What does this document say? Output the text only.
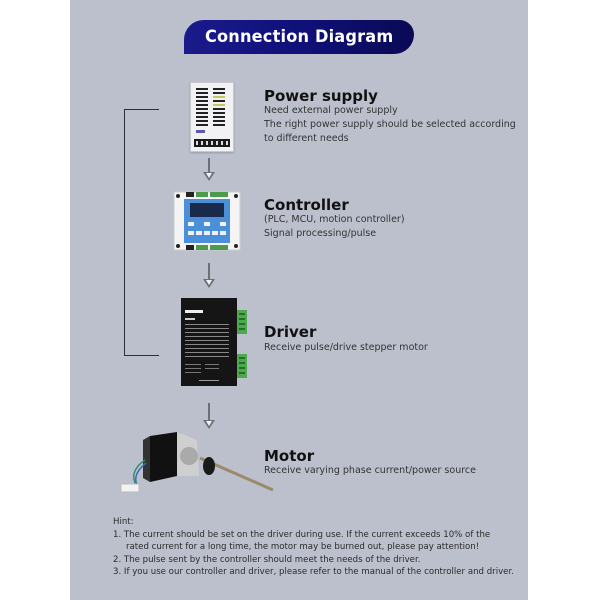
Connection Diagram
Power supply
Need external power supply
The right power supply should be selected according
to different needs
Controller
(PLC, MCU, motion controller)
Signal processing/pulse
Driver
Receive pulse/drive stepper motor
Motor
Receive varying phase current/power source
Hint:
1. The current should be set on the driver during use. If the current exceeds 10% of the
rated current for a long time, the motor may be burned out, please pay attention!
2. The pulse sent by the controller should meet the needs of the driver.
3. If you use our controller and driver, please refer to the manual of the controller and driver.
